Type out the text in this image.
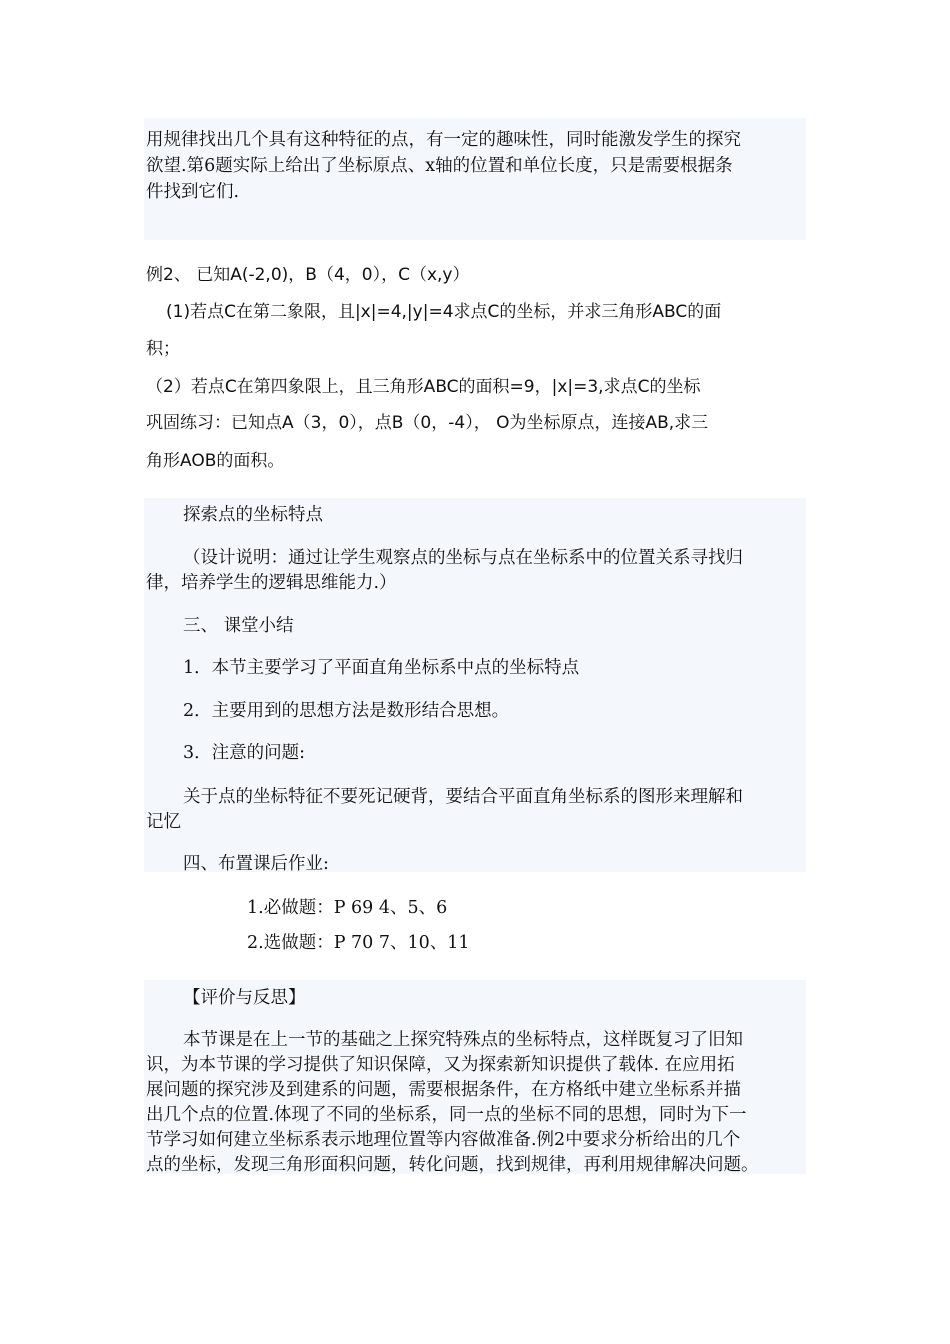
用规律找出几个具有这种特征的点，有一定的趣味性，同时能激发学生的探究
欲望.第6题实际上给出了坐标原点、x轴的位置和单位长度，只是需要根据条
件找到它们.
例2、 已知A(-2,0)，B（4，0），C（x,y）
(1)若点C在第二象限，且|x|=4,|y|=4求点C的坐标，并求三角形ABC的面
积；
（2）若点C在第四象限上，且三角形ABC的面积=9，|x|=3,求点C的坐标
巩固练习：已知点A（3，0），点B（0，-4）， O为坐标原点，连接AB,求三
角形AOB的面积。
探索点的坐标特点
（设计说明：通过让学生观察点的坐标与点在坐标系中的位置关系寻找归
律，培养学生的逻辑思维能力.）
三、 课堂小结
1．本节主要学习了平面直角坐标系中点的坐标特点
2．主要用到的思想方法是数形结合思想。
3．注意的问题:
关于点的坐标特征不要死记硬背，要结合平面直角坐标系的图形来理解和
记忆
四、布置课后作业:
1.必做题：P 69 4、5、6
2.选做题：P 70 7、10、11
【评价与反思】
本节课是在上一节的基础之上探究特殊点的坐标特点，这样既复习了旧知
识，为本节课的学习提供了知识保障，又为探索新知识提供了载体. 在应用拓
展问题的探究涉及到建系的问题，需要根据条件，在方格纸中建立坐标系并描
出几个点的位置.体现了不同的坐标系，同一点的坐标不同的思想，同时为下一
节学习如何建立坐标系表示地理位置等内容做准备.例2中要求分析给出的几个
点的坐标，发现三角形面积问题，转化问题，找到规律，再利用规律解决问题。
